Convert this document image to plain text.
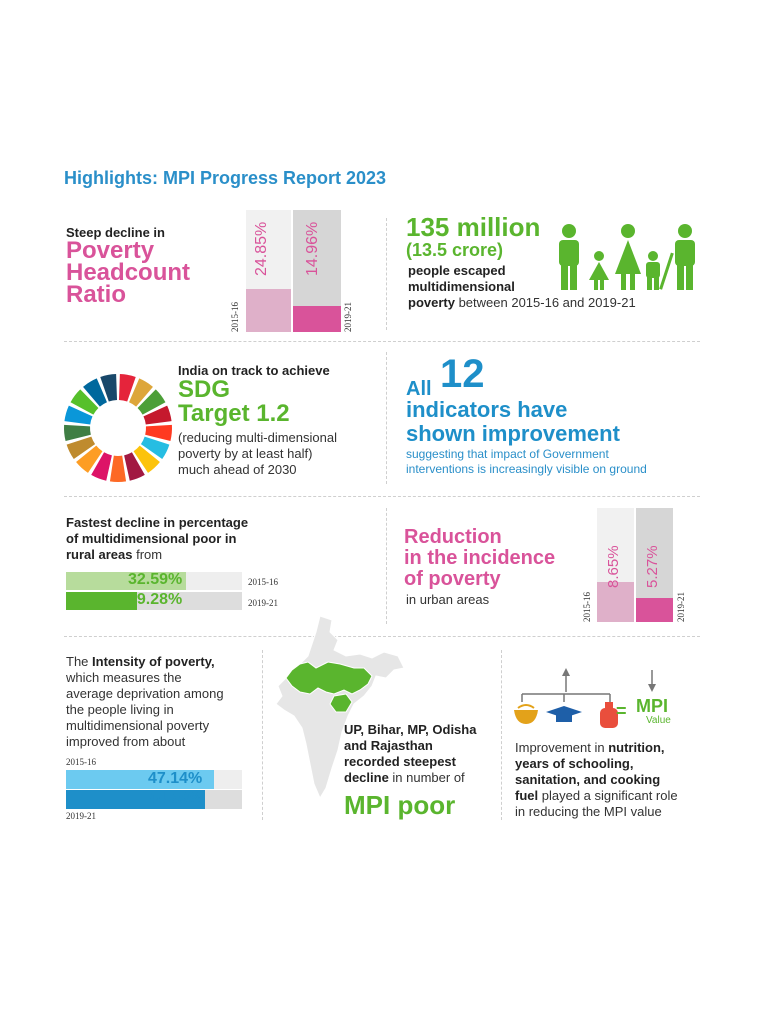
Highlights: MPI Progress Report 2023
Steep decline in
Poverty
Headcount
Ratio
24.85% 14.96%
2015-16	2019-21
135 million
(13.5 crore)
people escaped
multidimensional
poverty between 2015-16 and 2019-21
India on track to achieve
SDG
Target 1.2
(reducing multi-dimensional
poverty by at least half)
much ahead of 2030
All 12
indicators have
shown improvement
suggesting that impact of Government
interventions is increasingly visible on ground
Fastest decline in percentage
of multidimensional poor in
rural areas from
32.59%
19.28%
2015-16
2019-21
Reduction
in the incidence
of poverty
in urban areas
8.65% 5.27%
2015-16	2019-21
The Intensity of poverty,
which measures the
average deprivation among
the people living in
multidimensional poverty
improved from about
2015-16
47.14%
44.39%
2019-21
UP, Bihar, MP, Odisha
and Rajasthan
recorded steepest
decline in number of
MPI poor
= MPI
Value
Improvement in nutrition,
years of schooling,
sanitation, and cooking
fuel played a significant role
in reducing the MPI value
